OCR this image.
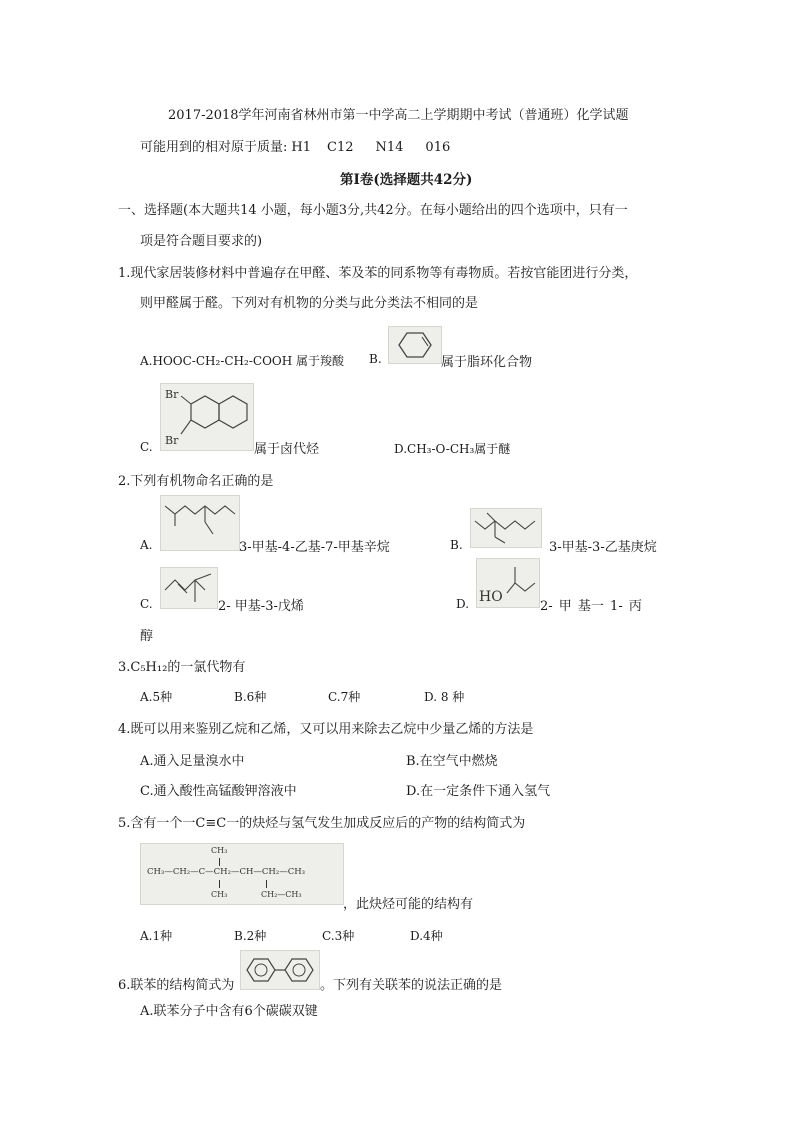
2017-2018学年河南省林州市第一中学高二上学期期中考试（普通班）化学试题
可能用到的相对原于质量: H1 C12 N14 016
第Ⅰ卷(选择题共42分)
一、选择题(本大题共14 小题，每小题3分,共42分。在每小题给出的四个选项中，只有一
项是符合题目要求的)
1.现代家居装修材料中普遍存在甲醛、苯及苯的同系物等有毒物质。若按官能团进行分类，
则甲醛属于醛。下列对有机物的分类与此分类法不相同的是
A.HOOC-CH₂-CH₂-COOH 属于羧酸 B.	属于脂环化合物
Br
Br
C.	属于卤代烃	D.CH₃-O-CH₃属于醚
2.下列有机物命名正确的是
A.	3-甲基-4-乙基-7-甲基辛烷	B.	3-甲基-3-乙基庚烷
C.	2- 甲基-3-戊烯	D. HO
2- 甲 基一 1- 丙
醇
3.C₅H₁₂的一氯代物有
A.5种	B.6种	C.7种	D. 8 种
4.既可以用来鉴别乙烷和乙烯，又可以用来除去乙烷中少量乙烯的方法是
A.通入足量溴水中	B.在空气中燃烧
C.通入酸性高锰酸钾溶液中	D.在一定条件下通入氢气
5.含有一个一C≡C一的炔烃与氢气发生加成反应后的产物的结构简式为
CH₃
CH₃—CH₂—C—CH₂—CH—CH₂—CH₃
CH₃	CH₂—CH₃
，此炔烃可能的结构有
A.1种	B.2种	C.3种	D.4种
6.联苯的结构简式为	。下列有关联苯的说法正确的是
A.联苯分子中含有6个碳碳双键
